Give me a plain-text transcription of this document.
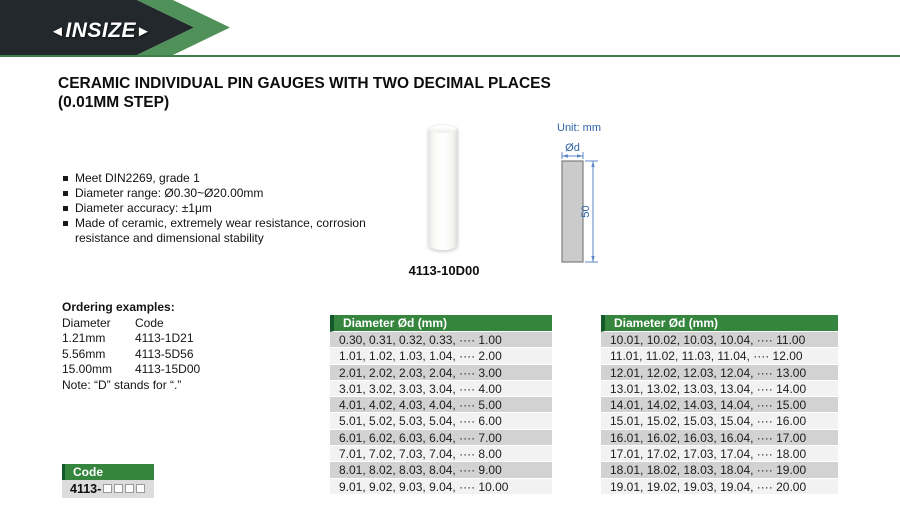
◄INSIZE►
CERAMIC INDIVIDUAL PIN GAUGES WITH TWO DECIMAL PLACES
(0.01MM STEP)
Meet DIN2269, grade 1
Diameter range: Ø0.30~Ø20.00mm
Diameter accuracy: ±1μm
Made of ceramic, extremely wear resistance, corrosion resistance and dimensional stability
4113-10D00
Unit: mm
Ød
50
Ordering examples:
Diameter	Code
1.21mm	4113-1D21
5.56mm	4113-5D56
15.00mm	4113-15D00
Note: “D” stands for “.”
Diameter Ød (mm)
0.30, 0.31, 0.32, 0.33, ···· 1.00
1.01, 1.02, 1.03, 1.04, ···· 2.00
2.01, 2.02, 2.03, 2.04, ···· 3.00
3.01, 3.02, 3.03, 3.04, ···· 4.00
4.01, 4.02, 4.03, 4.04, ···· 5.00
5.01, 5.02, 5.03, 5.04, ···· 6.00
6.01, 6.02, 6.03, 6.04, ···· 7.00
7.01, 7.02, 7.03, 7.04, ···· 8.00
8.01, 8.02, 8.03, 8.04, ···· 9.00
9.01, 9.02, 9.03, 9.04, ···· 10.00
Diameter Ød (mm)
10.01, 10.02, 10.03, 10.04, ···· 11.00
11.01, 11.02, 11.03, 11.04, ···· 12.00
12.01, 12.02, 12.03, 12.04, ···· 13.00
13.01, 13.02, 13.03, 13.04, ···· 14.00
14.01, 14.02, 14.03, 14.04, ···· 15.00
15.01, 15.02, 15.03, 15.04, ···· 16.00
16.01, 16.02, 16.03, 16.04, ···· 17.00
17.01, 17.02, 17.03, 17.04, ···· 18.00
18.01, 18.02, 18.03, 18.04, ···· 19.00
19.01, 19.02, 19.03, 19.04, ···· 20.00
Code
4113-
